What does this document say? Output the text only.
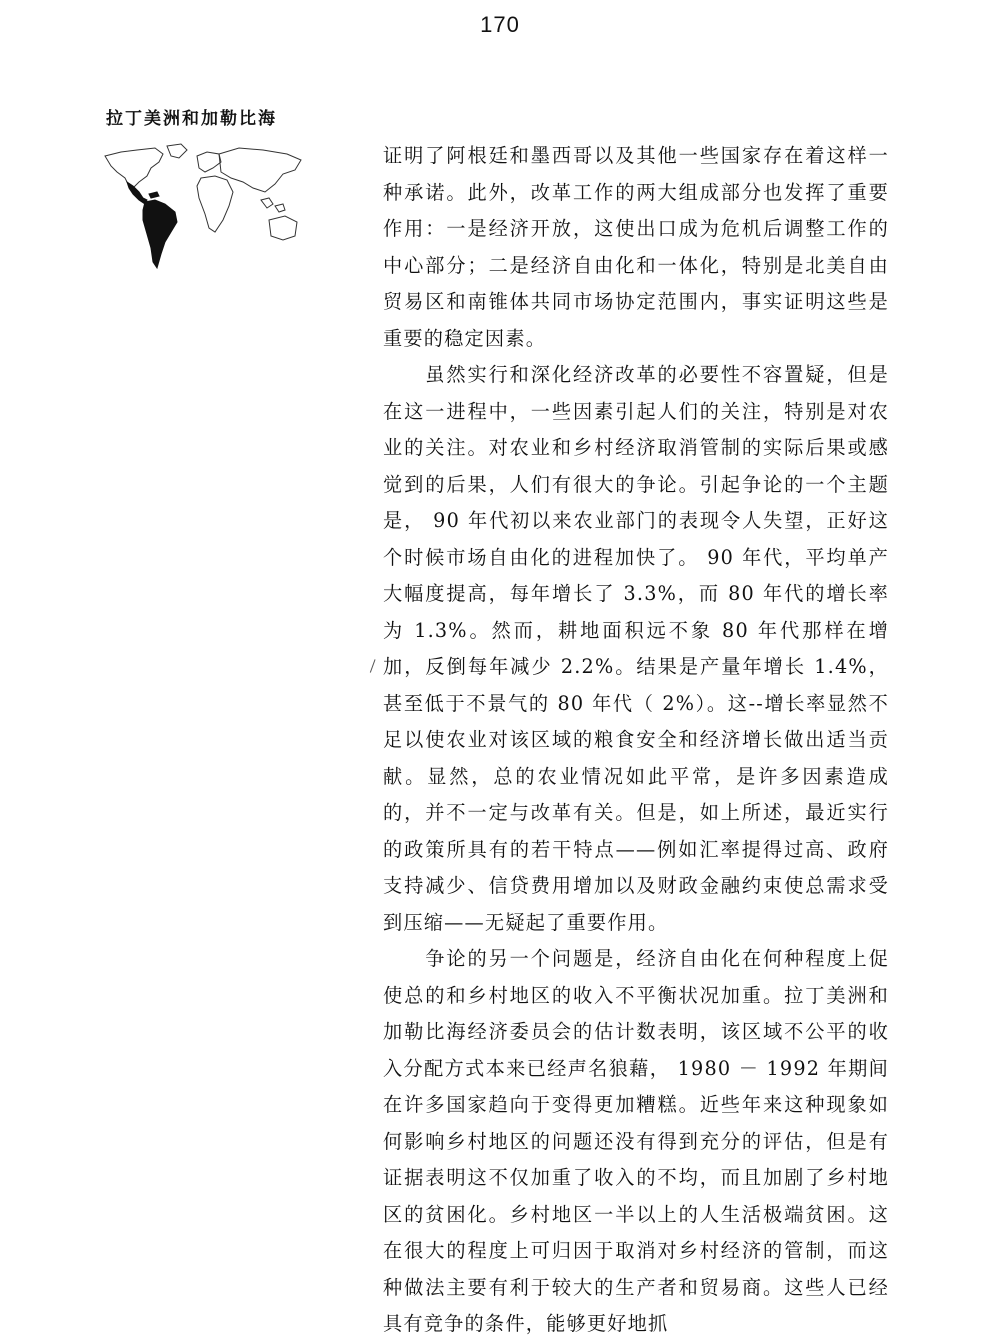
170
拉丁美洲和加勒比海

证明了阿根廷和墨西哥以及其他一些国家存在着这样一种承诺。此外，改革工作的两大组成部分也发挥了重要作用：一是经济开放，这使出口成为危机后调整工作的中心部分；二是经济自由化和一体化，特别是北美自由贸易区和南锥体共同市场协定范围内，事实证明这些是重要的稳定因素。

虽然实行和深化经济改革的必要性不容置疑，但是在这一进程中，一些因素引起人们的关注，特别是对农业的关注。对农业和乡村经济取消管制的实际后果或感觉到的后果，人们有很大的争论。引起争论的一个主题是， 90 年代初以来农业部门的表现令人失望，正好这个时候市场自由化的进程加快了。 90 年代，平均单产大幅度提高，每年增长了 3.3%，而 80 年代的增长率为 1.3%。然而，耕地面积远不象 80 年代那样在增加，反倒每年减少 2.2%。结果是产量年增长 1.4%，甚至低于不景气的 80 年代（ 2%）。这--增长率显然不足以使农业对该区域的粮食安全和经济增长做出适当贡献。显然，总的农业情况如此平常，是许多因素造成的，并不一定与改革有关。但是，如上所述，最近实行的政策所具有的若干特点——例如汇率提得过高、政府支持减少、信贷费用增加以及财政金融约束使总需求受到压缩——无疑起了重要作用。

争论的另一个问题是，经济自由化在何种程度上促使总的和乡村地区的收入不平衡状况加重。拉丁美洲和加勒比海经济委员会的估计数表明，该区域不公平的收入分配方式本来已经声名狼藉， 1980 － 1992 年期间在许多国家趋向于变得更加糟糕。近些年来这种现象如何影响乡村地区的问题还没有得到充分的评估，但是有证据表明这不仅加重了收入的不均，而且加剧了乡村地区的贫困化。乡村地区一半以上的人生活极端贫困。这在很大的程度上可归因于取消对乡村经济的管制，而这种做法主要有利于较大的生产者和贸易商。这些人已经具有竞争的条件，能够更好地抓
